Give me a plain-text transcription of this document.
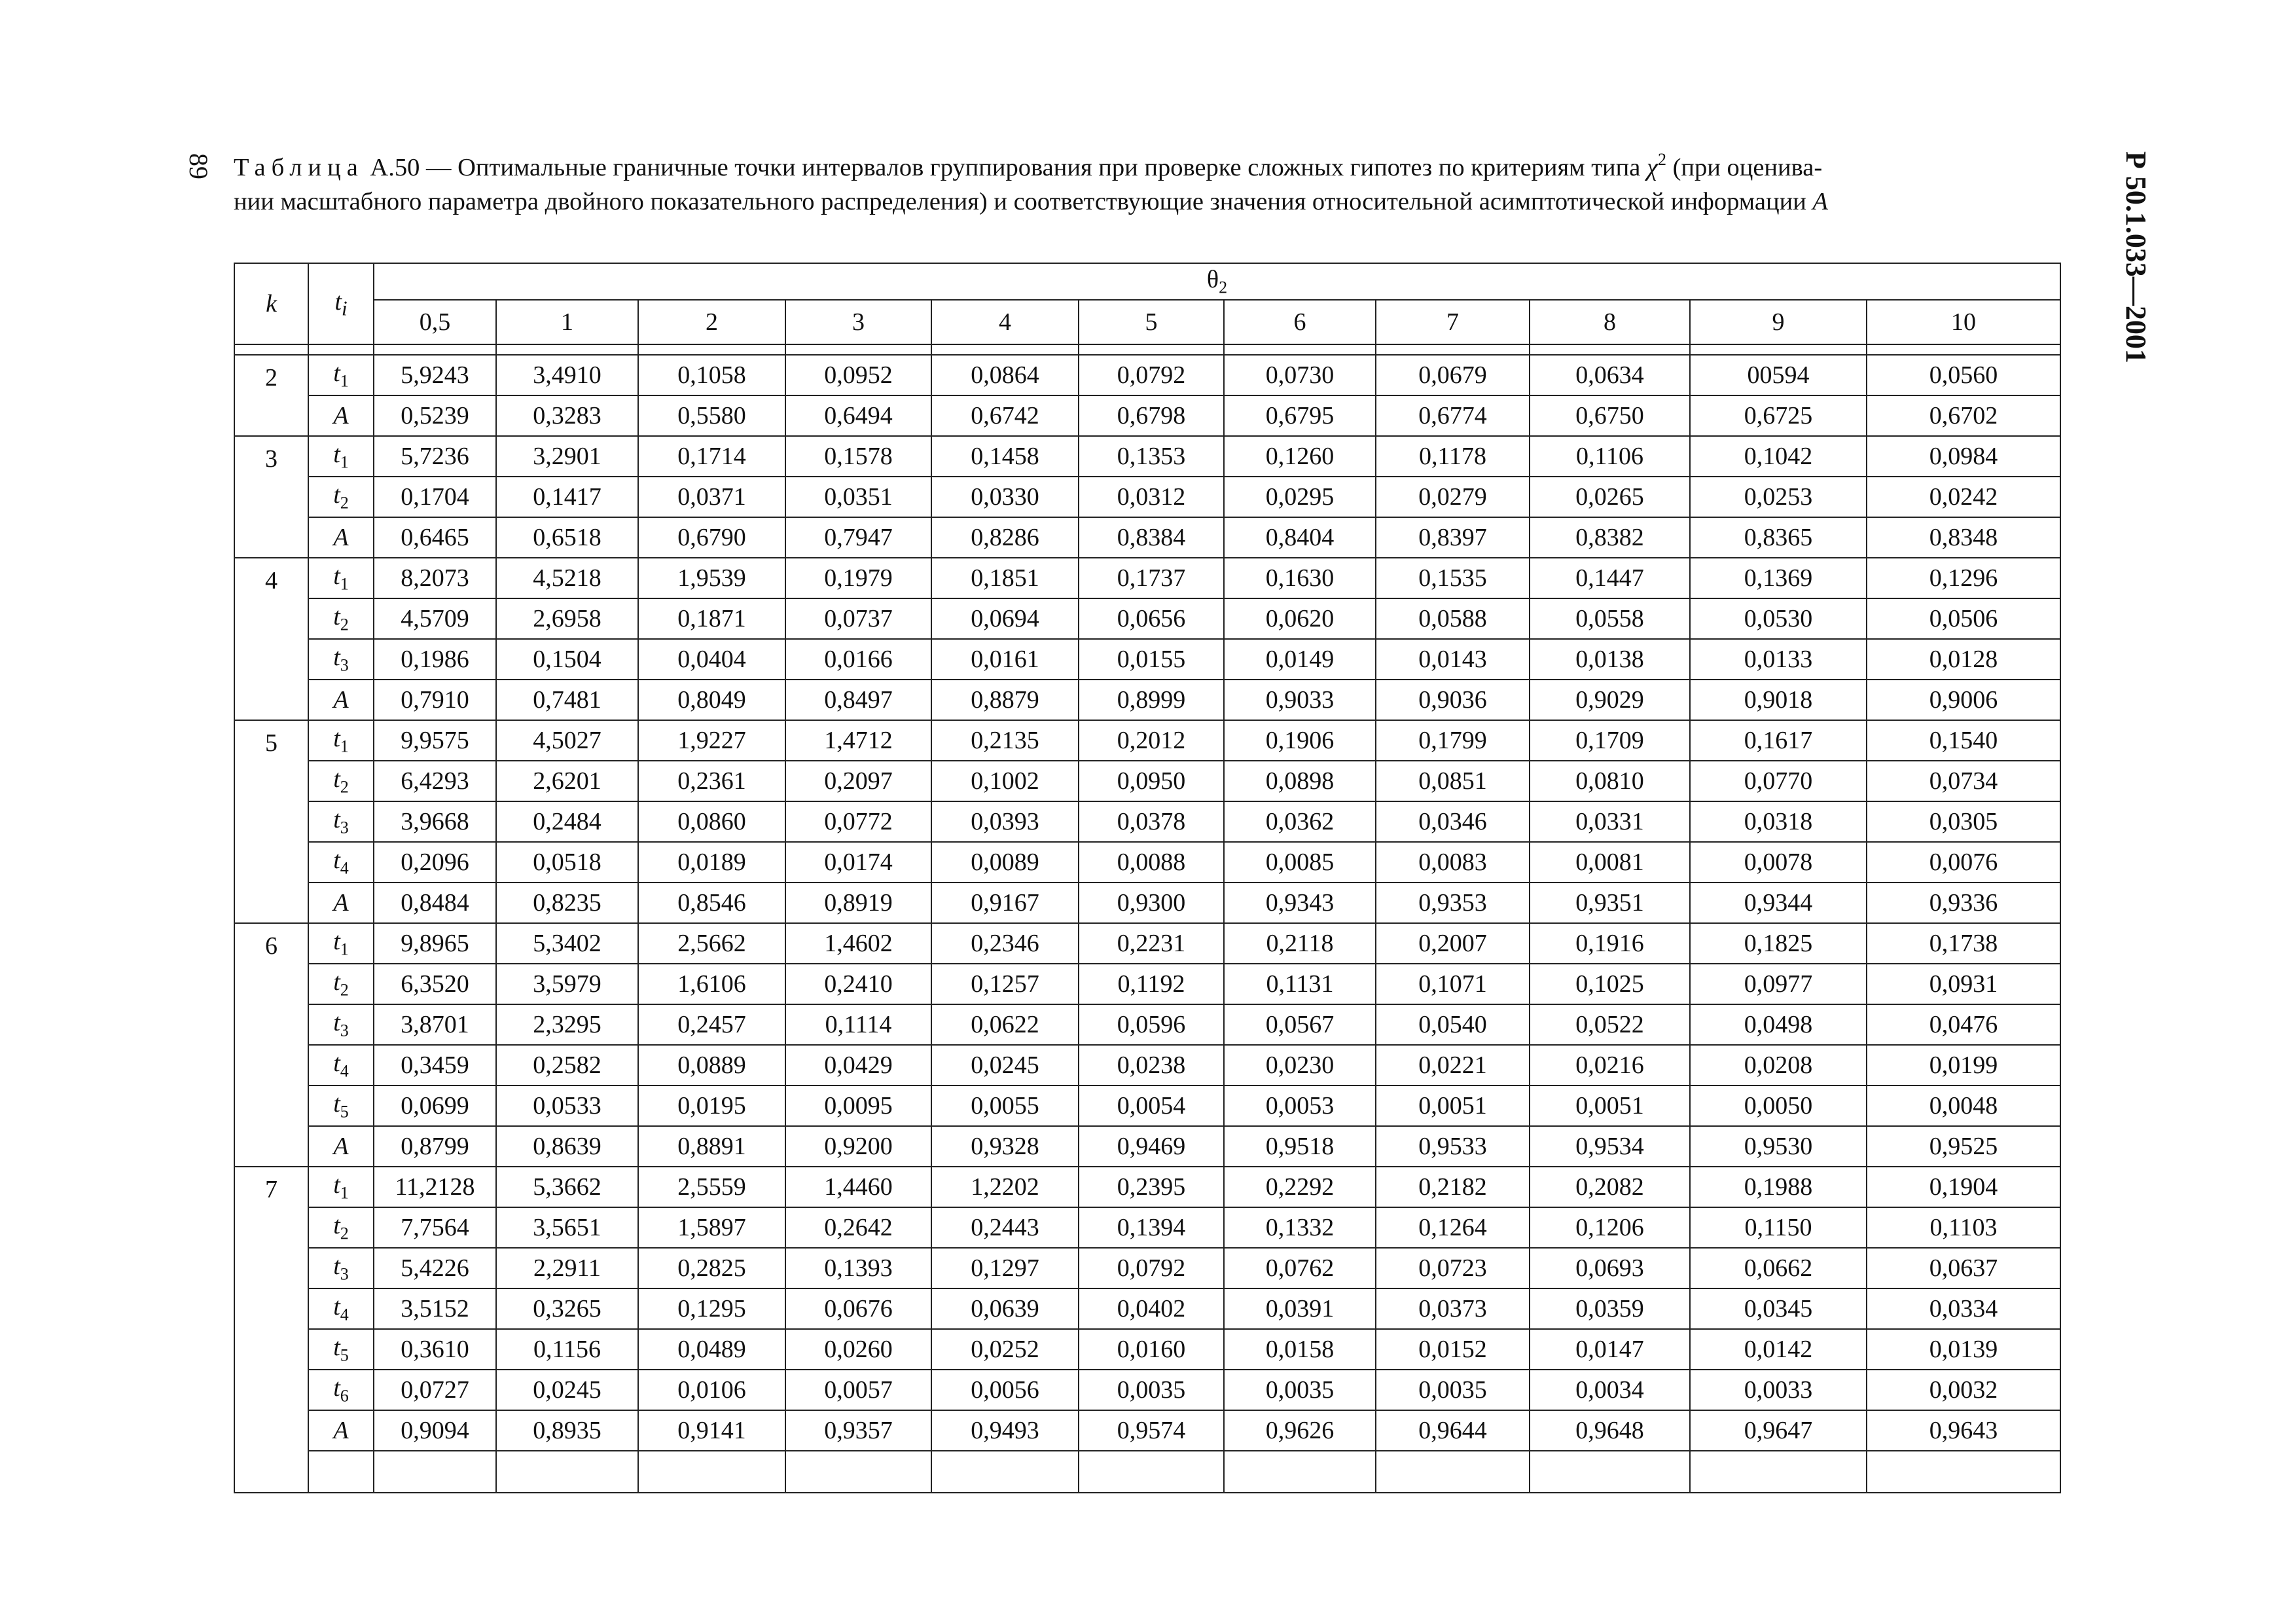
89	Р 50.1.033—2001
Таблица А.50 — Оптимальные граничные точки интервалов группирования при проверке сложных гипотез по критериям типа $\chi^2$ (при оценива-
нии масштабного параметра двойного показательного распределения) и соответствующие значения относительной асимптотической информации A
k	$t_i$	$\theta_2$
		0,5	1	2	3	4	5	6	7	8	9	10

2	$t_1$	5,9243	3,4910	0,1058	0,0952	0,0864	0,0792	0,0730	0,0679	0,0634	00594	0,0560
	A	0,5239	0,3283	0,5580	0,6494	0,6742	0,6798	0,6795	0,6774	0,6750	0,6725	0,6702
3	$t_1$	5,7236	3,2901	0,1714	0,1578	0,1458	0,1353	0,1260	0,1178	0,1106	0,1042	0,0984
	$t_2$	0,1704	0,1417	0,0371	0,0351	0,0330	0,0312	0,0295	0,0279	0,0265	0,0253	0,0242
	A	0,6465	0,6518	0,6790	0,7947	0,8286	0,8384	0,8404	0,8397	0,8382	0,8365	0,8348
4	$t_1$	8,2073	4,5218	1,9539	0,1979	0,1851	0,1737	0,1630	0,1535	0,1447	0,1369	0,1296
	$t_2$	4,5709	2,6958	0,1871	0,0737	0,0694	0,0656	0,0620	0,0588	0,0558	0,0530	0,0506
	$t_3$	0,1986	0,1504	0,0404	0,0166	0,0161	0,0155	0,0149	0,0143	0,0138	0,0133	0,0128
	A	0,7910	0,7481	0,8049	0,8497	0,8879	0,8999	0,9033	0,9036	0,9029	0,9018	0,9006
5	$t_1$	9,9575	4,5027	1,9227	1,4712	0,2135	0,2012	0,1906	0,1799	0,1709	0,1617	0,1540
	$t_2$	6,4293	2,6201	0,2361	0,2097	0,1002	0,0950	0,0898	0,0851	0,0810	0,0770	0,0734
	$t_3$	3,9668	0,2484	0,0860	0,0772	0,0393	0,0378	0,0362	0,0346	0,0331	0,0318	0,0305
	$t_4$	0,2096	0,0518	0,0189	0,0174	0,0089	0,0088	0,0085	0,0083	0,0081	0,0078	0,0076
	A	0,8484	0,8235	0,8546	0,8919	0,9167	0,9300	0,9343	0,9353	0,9351	0,9344	0,9336
6	$t_1$	9,8965	5,3402	2,5662	1,4602	0,2346	0,2231	0,2118	0,2007	0,1916	0,1825	0,1738
	$t_2$	6,3520	3,5979	1,6106	0,2410	0,1257	0,1192	0,1131	0,1071	0,1025	0,0977	0,0931
	$t_3$	3,8701	2,3295	0,2457	0,1114	0,0622	0,0596	0,0567	0,0540	0,0522	0,0498	0,0476
	$t_4$	0,3459	0,2582	0,0889	0,0429	0,0245	0,0238	0,0230	0,0221	0,0216	0,0208	0,0199
	$t_5$	0,0699	0,0533	0,0195	0,0095	0,0055	0,0054	0,0053	0,0051	0,0051	0,0050	0,0048
	A	0,8799	0,8639	0,8891	0,9200	0,9328	0,9469	0,9518	0,9533	0,9534	0,9530	0,9525
7	$t_1$	11,2128	5,3662	2,5559	1,4460	1,2202	0,2395	0,2292	0,2182	0,2082	0,1988	0,1904
	$t_2$	7,7564	3,5651	1,5897	0,2642	0,2443	0,1394	0,1332	0,1264	0,1206	0,1150	0,1103
	$t_3$	5,4226	2,2911	0,2825	0,1393	0,1297	0,0792	0,0762	0,0723	0,0693	0,0662	0,0637
	$t_4$	3,5152	0,3265	0,1295	0,0676	0,0639	0,0402	0,0391	0,0373	0,0359	0,0345	0,0334
	$t_5$	0,3610	0,1156	0,0489	0,0260	0,0252	0,0160	0,0158	0,0152	0,0147	0,0142	0,0139
	$t_6$	0,0727	0,0245	0,0106	0,0057	0,0056	0,0035	0,0035	0,0035	0,0034	0,0033	0,0032
	A	0,9094	0,8935	0,9141	0,9357	0,9493	0,9574	0,9626	0,9644	0,9648	0,9647	0,9643
